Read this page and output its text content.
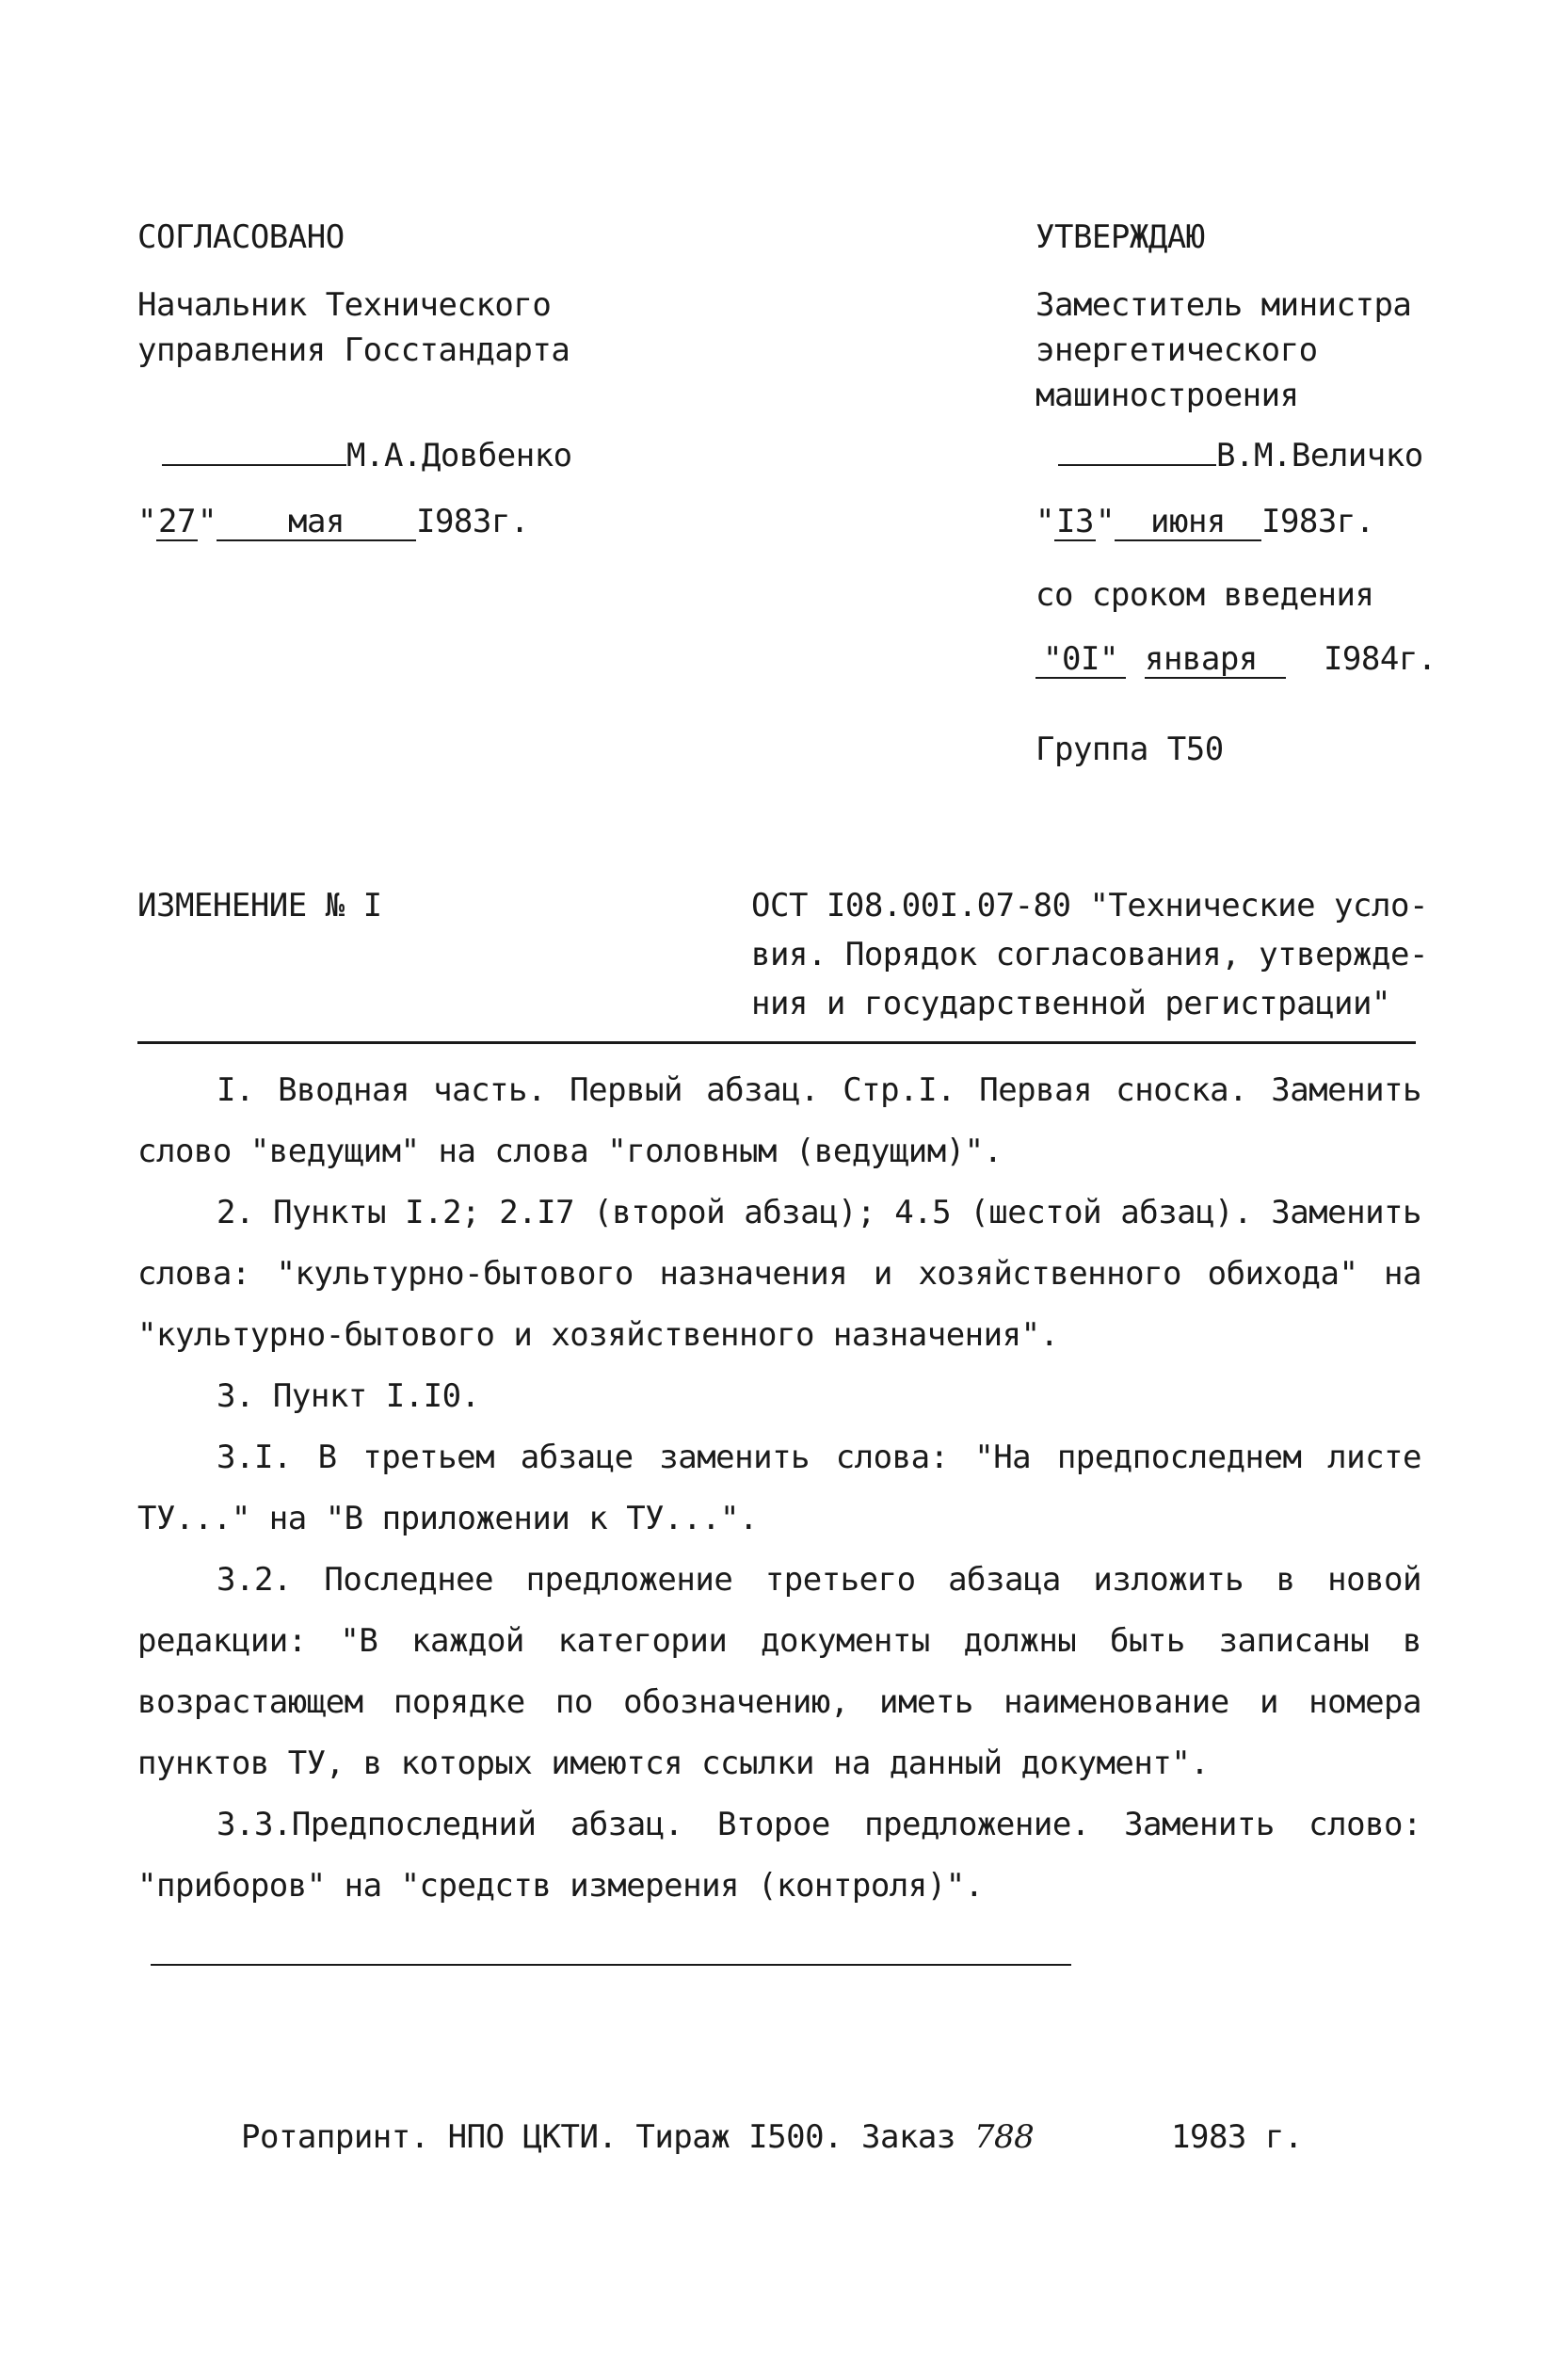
СОГЛАСОВАНО
Начальник Технического
управления Госстандарта
М.А.Довбенко
"27" мая I983г.
УТВЕРЖДАЮ
Заместитель министра
энергетического
машиностроения
В.М.Величко
"I3" июня I983г.
со сроком введения
"0I" января I984г.
Группа Т50
ИЗМЕНЕНИЕ № I	ОСТ I08.00I.07-80 "Технические усло-
вия. Порядок согласования, утвержде-
ния и государственной регистрации"
I. Вводная часть. Первый абзац. Стр.I. Первая сноска. Заменить слово "ведущим" на слова "головным (ведущим)".
2. Пункты I.2; 2.I7 (второй абзац); 4.5 (шестой абзац). Заменить слова: "культурно-бытового назначения и хозяйственного обихода" на "культурно-бытового и хозяйственного назначения".
3. Пункт I.I0.
3.I. В третьем абзаце заменить слова: "На предпоследнем листе ТУ..." на "В приложении к ТУ...".
3.2. Последнее предложение третьего абзаца изложить в новой редакции: "В каждой категории документы должны быть записаны в возрастающем порядке по обозначению, иметь наименование и номера пунктов ТУ, в которых имеются ссылки на данный документ".
3.3.Предпоследний абзац. Второе предложение. Заменить слово: "приборов" на "средств измерения (контроля)".
Ротапринт. НПО ЦКТИ. Тираж I500. Заказ 788	1983 г.
